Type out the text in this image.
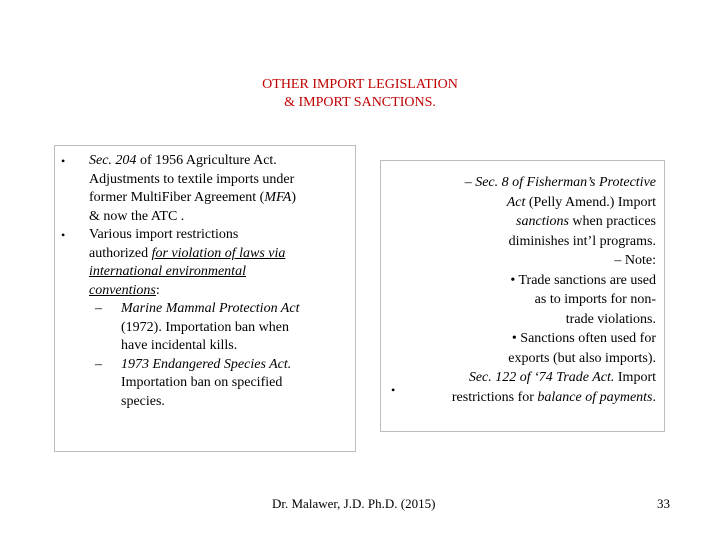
OTHER IMPORT LEGISLATION
& IMPORT SANCTIONS.
• Sec. 204 of 1956 Agriculture Act.
Adjustments to textile imports under
former MultiFiber Agreement (MFA)
& now the ATC .
• Various import restrictions
authorized for violation of laws via
international environmental
conventions:
– Marine Mammal Protection Act
(1972). Importation ban when
have incidental kills.
– 1973 Endangered Species Act.
Importation ban on specified
species.
– Sec. 8 of Fisherman’s Protective
Act (Pelly Amend.) Import
sanctions when practices
diminishes int’l programs.
– Note:
• Trade sanctions are used
as to imports for non-
trade violations.
• Sanctions often used for
exports (but also imports).
Sec. 122 of ‘74 Trade Act. Import
restrictions for balance of payments.
•
Dr. Malawer, J.D. Ph.D. (2015)	33
